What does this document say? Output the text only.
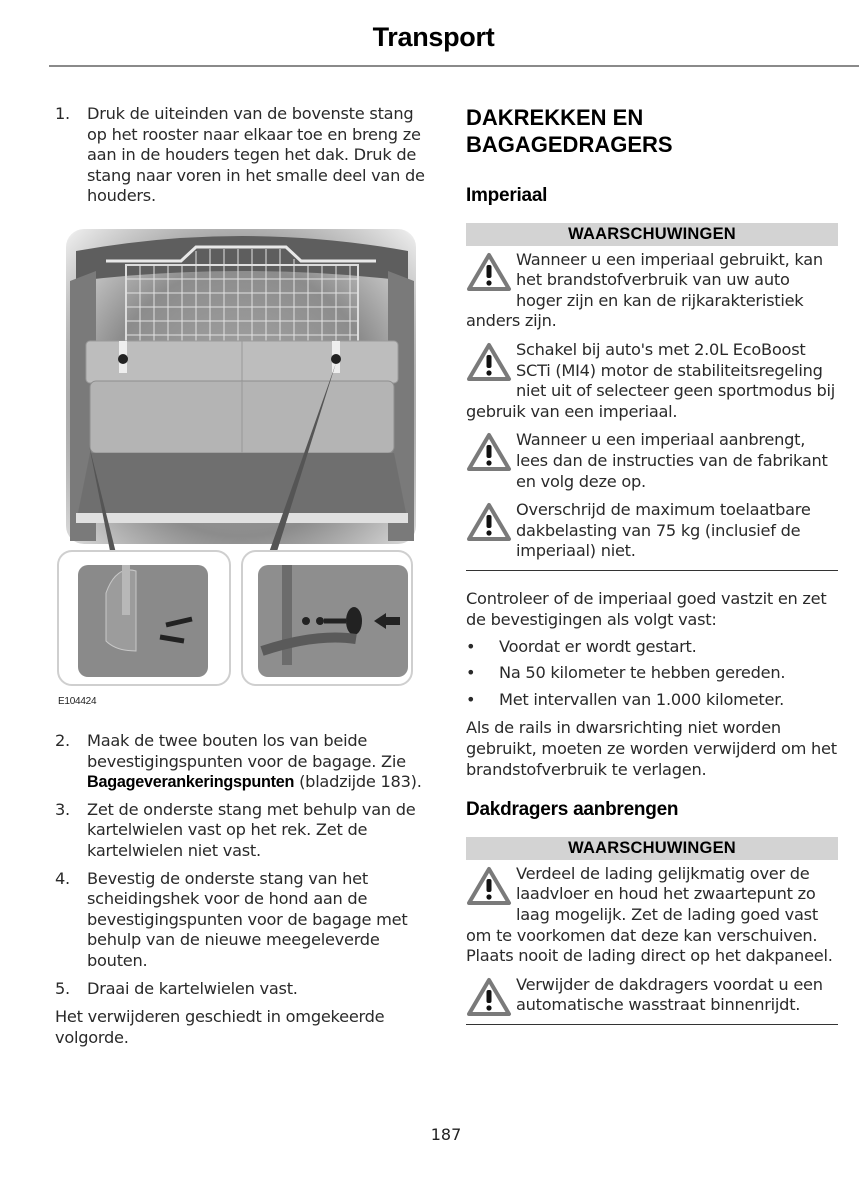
Transport
1.	Druk de uiteinden van de bovenste stang op het rooster naar elkaar toe en breng ze aan in de houders tegen het dak. Druk de stang naar voren in het smalle deel van de houders.
E104424
2.	Maak de twee bouten los van beide bevestigingspunten voor de bagage. Zie Bagageverankeringspunten (bladzijde 183).
3.	Zet de onderste stang met behulp van de kartelwielen vast op het rek. Zet de kartelwielen niet vast.
4.	Bevestig de onderste stang van het scheidingshek voor de hond aan de bevestigingspunten voor de bagage met behulp van de nieuwe meegeleverde bouten.
5.	Draai de kartelwielen vast.

Het verwijderen geschiedt in omgekeerde volgorde.

DAKREKKEN EN
BAGAGEDRAGERS
Imperiaal
WAARSCHUWINGEN
Wanneer u een imperiaal gebruikt, kan het brandstofverbruik van uw auto hoger zijn en kan de rijkarakteristiek anders zijn.
Schakel bij auto's met 2.0L EcoBoost SCTi (MI4) motor de stabiliteitsregeling niet uit of selecteer geen sportmodus bij gebruik van een imperiaal.
Wanneer u een imperiaal aanbrengt, lees dan de instructies van de fabrikant en volg deze op.
Overschrijd de maximum toelaatbare dakbelasting van 75 kg (inclusief de imperiaal) niet.

Controleer of de imperiaal goed vastzit en zet de bevestigingen als volgt vast:

•	Voordat er wordt gestart.
•	Na 50 kilometer te hebben gereden.
•	Met intervallen van 1.000 kilometer.

Als de rails in dwarsrichting niet worden gebruikt, moeten ze worden verwijderd om het brandstofverbruik te verlagen.

Dakdragers aanbrengen
WAARSCHUWINGEN
Verdeel de lading gelijkmatig over de laadvloer en houd het zwaartepunt zo laag mogelijk. Zet de lading goed vast om te voorkomen dat deze kan verschuiven. Plaats nooit de lading direct op het dakpaneel.
Verwijder de dakdragers voordat u een automatische wasstraat binnenrijdt.
187
